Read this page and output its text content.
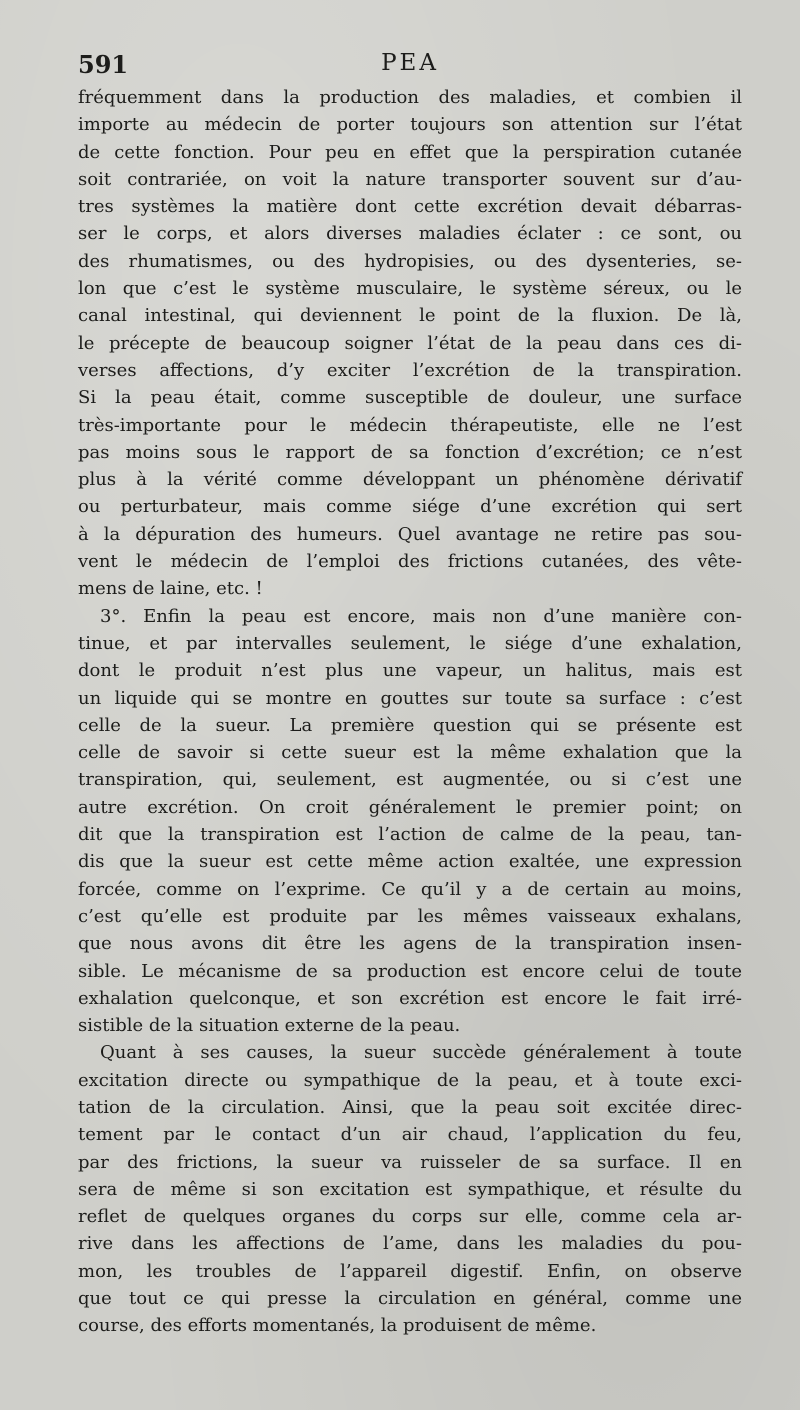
591	PEA
fréquemment dans la production des maladies, et combien il
importe au médecin de porter toujours son attention sur l’état
de cette fonction. Pour peu en effet que la perspiration cutanée
soit contrariée, on voit la nature transporter souvent sur d’au-
tres systèmes la matière dont cette excrétion devait débarras-
ser le corps, et alors diverses maladies éclater : ce sont, ou
des rhumatismes, ou des hydropisies, ou des dysenteries, se-
lon que c’est le système musculaire, le système séreux, ou le
canal intestinal, qui deviennent le point de la fluxion. De là,
le précepte de beaucoup soigner l’état de la peau dans ces di-
verses affections, d’y exciter l’excrétion de la transpiration.
Si la peau était, comme susceptible de douleur, une surface
très-importante pour le médecin thérapeutiste, elle ne l’est
pas moins sous le rapport de sa fonction d’excrétion; ce n’est
plus à la vérité comme développant un phénomène dérivatif
ou perturbateur, mais comme siége d’une excrétion qui sert
à la dépuration des humeurs. Quel avantage ne retire pas sou-
vent le médecin de l’emploi des frictions cutanées, des vête-
mens de laine, etc. !
3°. Enfin la peau est encore, mais non d’une manière con-
tinue, et par intervalles seulement, le siége d’une exhalation,
dont le produit n’est plus une vapeur, un halitus, mais est
un liquide qui se montre en gouttes sur toute sa surface : c’est
celle de la sueur. La première question qui se présente est
celle de savoir si cette sueur est la même exhalation que la
transpiration, qui, seulement, est augmentée, ou si c’est une
autre excrétion. On croit généralement le premier point; on
dit que la transpiration est l’action de calme de la peau, tan-
dis que la sueur est cette même action exaltée, une expression
forcée, comme on l’exprime. Ce qu’il y a de certain au moins,
c’est qu’elle est produite par les mêmes vaisseaux exhalans,
que nous avons dit être les agens de la transpiration insen-
sible. Le mécanisme de sa production est encore celui de toute
exhalation quelconque, et son excrétion est encore le fait irré-
sistible de la situation externe de la peau.
Quant à ses causes, la sueur succède généralement à toute
excitation directe ou sympathique de la peau, et à toute exci-
tation de la circulation. Ainsi, que la peau soit excitée direc-
tement par le contact d’un air chaud, l’application du feu,
par des frictions, la sueur va ruisseler de sa surface. Il en
sera de même si son excitation est sympathique, et résulte du
reflet de quelques organes du corps sur elle, comme cela ar-
rive dans les affections de l’ame, dans les maladies du pou-
mon, les troubles de l’appareil digestif. Enfin, on observe
que tout ce qui presse la circulation en général, comme une
course, des efforts momentanés, la produisent de même.
